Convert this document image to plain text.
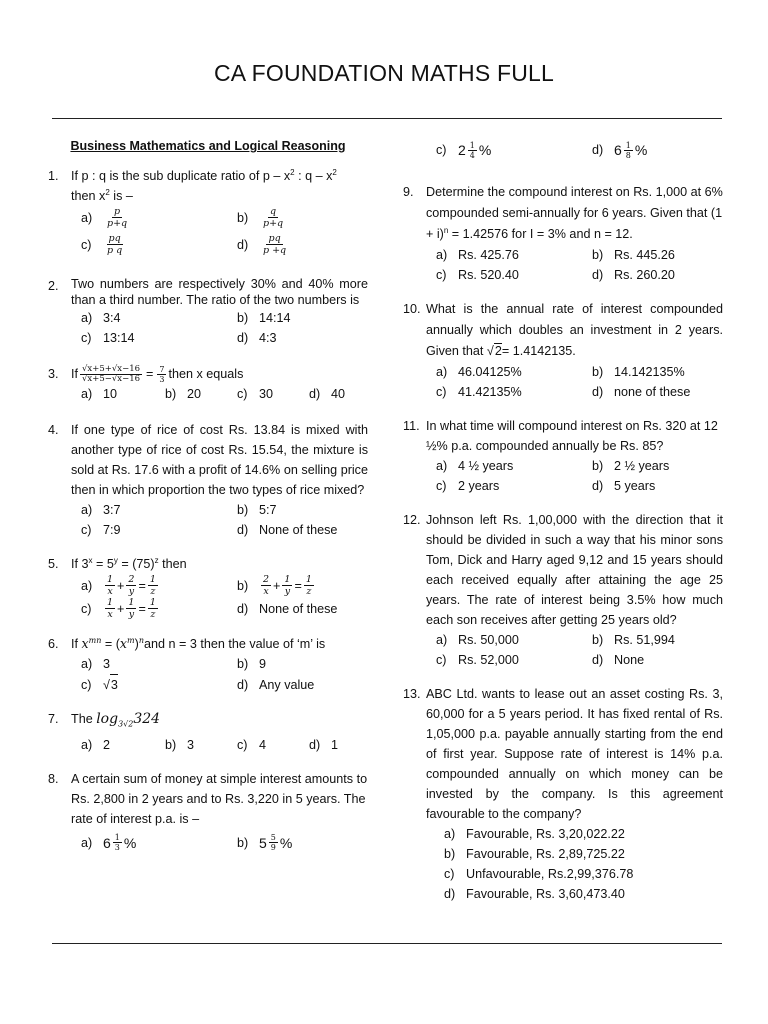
CA FOUNDATION MATHS FULL
Business Mathematics and Logical Reasoning
1. If p : q is the sub duplicate ratio of p – $x^2$ : q – $x^2$
then $x^2$ is –
a)	$\frac{p}{p+q}$	b)	$\frac{q}{p+q}$
c)	$\frac{pq}{\text{p q}}$	d)	$\frac{pq}{p +q}$
2. Two numbers are respectively 30% and 40% more than a third number. The ratio of the two numbers is
a) 3:4	b) 14:14
c) 13:14	d) 4:3
3. If $\frac{√x+5+√x-16}{√x+5-√x-16} = \frac{7}{3}$ then x equals
a) 10	b) 20	c) 30	d) 40
4. If one type of rice of cost Rs. 13.84 is mixed with another type of rice of cost Rs. 15.54, the mixture is sold at Rs. 17.6 with a profit of 14.6% on selling price then in which proportion the two types of rice mixed?
a) 3:7	b) 5:7
c) 7:9	d) None of these
5. If $3^x = 5^y = (75)^z$ then
a)	$\frac{1}{x} + \frac{2}{y} = \frac{1}{z}$	b)	$\frac{2}{x} + \frac{1}{y} = \frac{1}{z}$
c)	$\frac{1}{x} + \frac{1}{y} = \frac{1}{z}$	d) None of these
6. If $x^{mn} = (x^m)^nand$ n = 3 then the value of ‘m’ is
a) 3	b) 9
c) √ 3	d) Any value
7. The $\log_{3√2}324$
a) 2	b) 3	c) 4	d) 1
8. A certain sum of money at simple interest amounts to Rs. 2,800 in 2 years and to Rs. 3,220 in 5 years. The rate of interest p.a. is –
a) $6 \frac{1}{3}$ %	b) $5 \frac{5}{9}$ %
c) $2 \frac{1}{4}$ %	d) $6 \frac{1}{8}$ %
9. Determine the compound interest on Rs. 1,000 at 6% compounded semi-annually for 6 years. Given that $(1 + i)^n = 1.42576$ for I = 3% and n = 12.
a) Rs. 425.76	b) Rs. 445.26
c) Rs. 520.40	d) Rs. 260.20
10. What is the annual rate of interest compounded annually which doubles an investment in 2 years. Given that √2= 1.4142135.
a) 46.04125%	b) 14.142135%
c) 41.42135%	d) none of these
11. In what time will compound interest on Rs. 320 at 12 ½% p.a. compounded annually be Rs. 85?
a) 4 ½ years	b) 2 ½ years
c) 2 years	d) 5 years
12. Johnson left Rs. 1,00,000 with the direction that it should be divided in such a way that his minor sons Tom, Dick and Harry aged 9,12 and 15 years should each received equally after attaining the age 25 years. The rate of interest being 3.5% how much each son receives after getting 25 years old?
a) Rs. 50,000	b) Rs. 51,994
c) Rs. 52,000	d) None
13. ABC Ltd. wants to lease out an asset costing Rs. 3, 60,000 for a 5 years period. It has fixed rental of Rs. 1,05,000 p.a. payable annually starting from the end of first year. Suppose rate of interest is 14% p.a. compounded annually on which money can be invested by the company. Is this agreement favourable to the company?
a) Favourable, Rs. 3,20,022.22
b) Favourable, Rs. 2,89,725.22
c) Unfavourable, Rs.2,99,376.78
d) Favourable, Rs. 3,60,473.40
